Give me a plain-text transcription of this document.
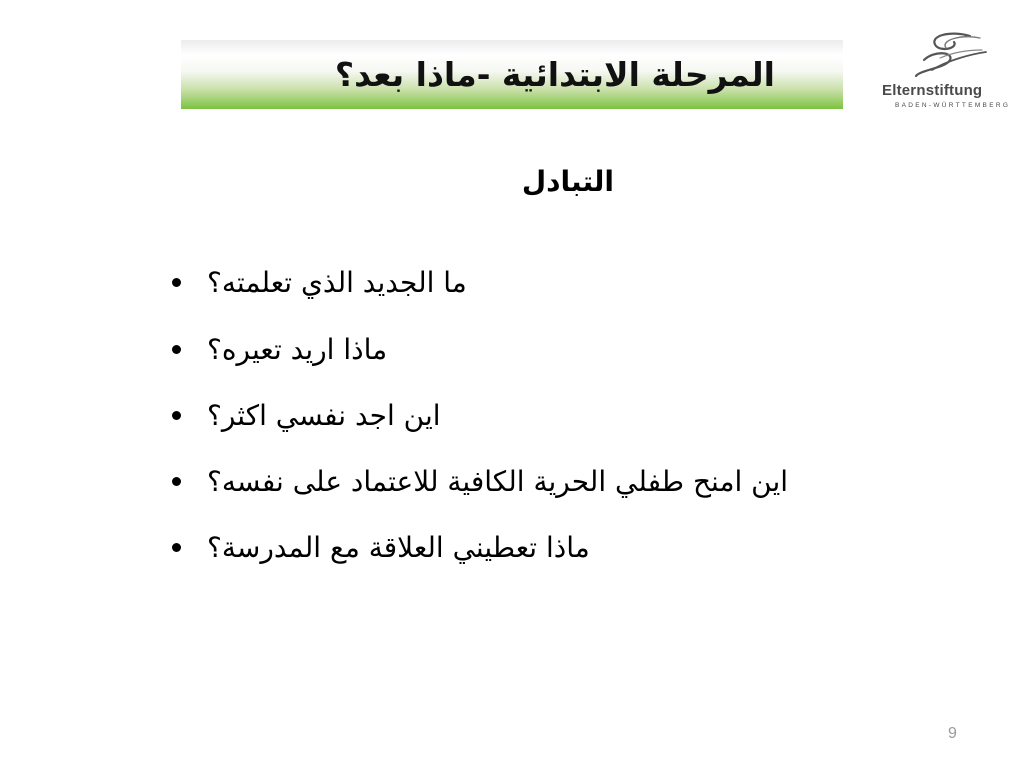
المرحلة الابتدائية -ماذا بعد؟	Elternstiftung
BADEN-WÜRTTEMBERG
التبادل
ما الجديد الذي تعلمته؟
ماذا اريد تعيره؟
اين اجد نفسي اكثر؟
اين امنح طفلي الحرية الكافية للاعتماد على نفسه؟
ماذا تعطيني العلاقة مع المدرسة؟
9
